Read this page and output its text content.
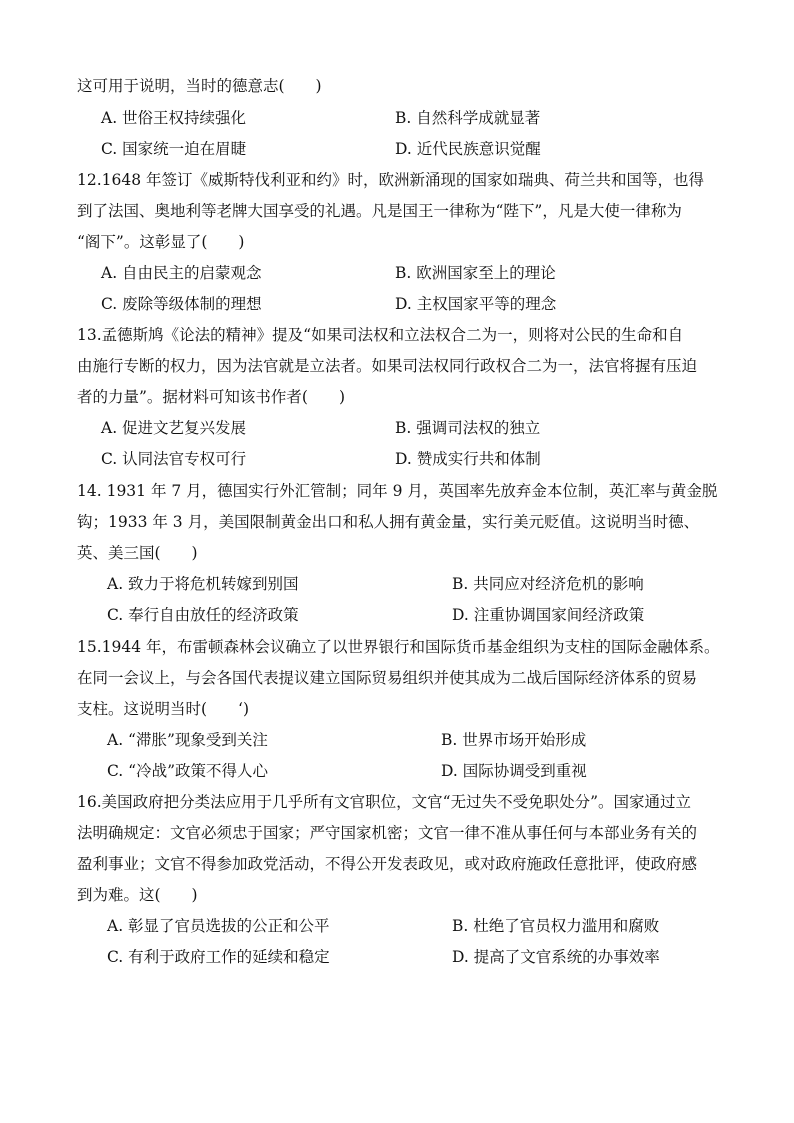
这可用于说明，当时的德意志(　　)
A. 世俗王权持续强化	B. 自然科学成就显著
C. 国家统一迫在眉睫	D. 近代民族意识觉醒
12.1648 年签订《威斯特伐利亚和约》时，欧洲新涌现的国家如瑞典、荷兰共和国等，也得
到了法国、奥地利等老牌大国享受的礼遇。凡是国王一律称为“陛下”，凡是大使一律称为
“阁下”。这彰显了(　　)
A. 自由民主的启蒙观念	B. 欧洲国家至上的理论
C. 废除等级体制的理想	D. 主权国家平等的理念
13.孟德斯鸠《论法的精神》提及“如果司法权和立法权合二为一，则将对公民的生命和自
由施行专断的权力，因为法官就是立法者。如果司法权同行政权合二为一，法官将握有压迫
者的力量”。据材料可知该书作者(　　)
A. 促进文艺复兴发展	B. 强调司法权的独立
C. 认同法官专权可行	D. 赞成实行共和体制
14. 1931 年 7 月，德国实行外汇管制；同年 9 月，英国率先放弃金本位制，英汇率与黄金脱
钩；1933 年 3 月，美国限制黄金出口和私人拥有黄金量，实行美元贬值。这说明当时德、
英、美三国(　　)
A. 致力于将危机转嫁到别国	B. 共同应对经济危机的影响
C. 奉行自由放任的经济政策	D. 注重协调国家间经济政策
15.1944 年，布雷顿森林会议确立了以世界银行和国际货币基金组织为支柱的国际金融体系。
在同一会议上，与会各国代表提议建立国际贸易组织并使其成为二战后国际经济体系的贸易
支柱。这说明当时(　　‘)
A. “滞胀”现象受到关注	B. 世界市场开始形成
C. “冷战”政策不得人心	D. 国际协调受到重视
16.美国政府把分类法应用于几乎所有文官职位，文官“无过失不受免职处分”。国家通过立
法明确规定：文官必须忠于国家；严守国家机密；文官一律不准从事任何与本部业务有关的
盈利事业；文官不得参加政党活动，不得公开发表政见，或对政府施政任意批评，使政府感
到为难。这(　　)
A. 彰显了官员选拔的公正和公平	B. 杜绝了官员权力滥用和腐败
C. 有利于政府工作的延续和稳定	D. 提高了文官系统的办事效率
